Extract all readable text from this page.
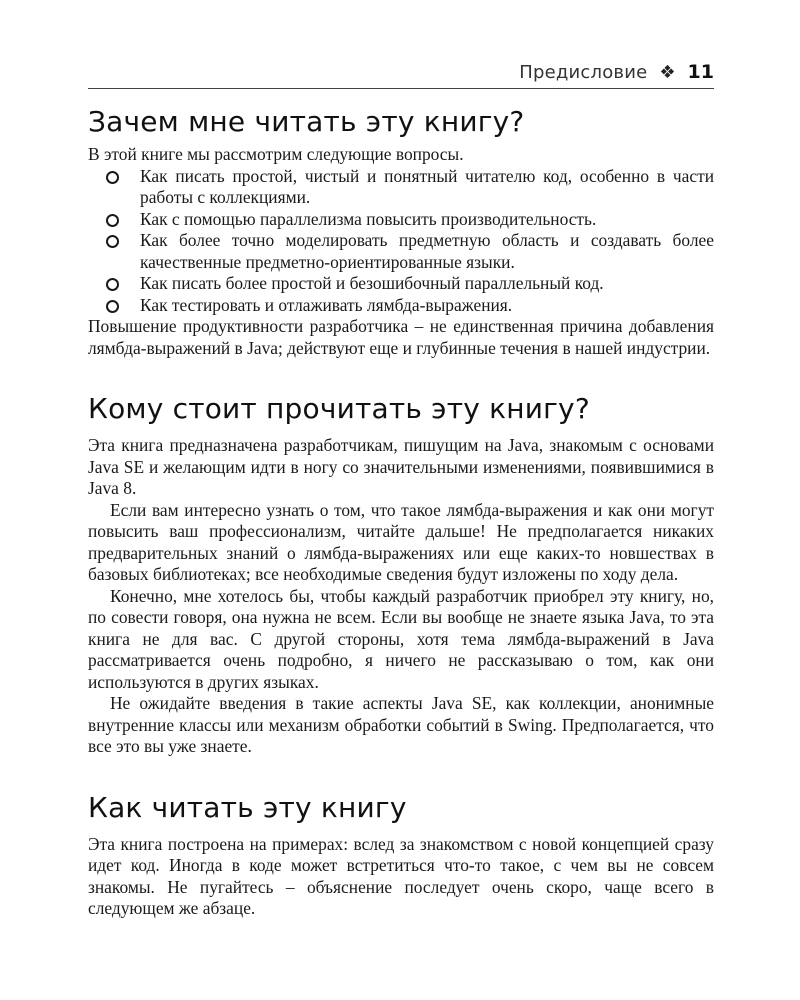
Предисловие ❖ 11
Зачем мне читать эту книгу?

В этой книге мы рассмотрим следующие вопросы.

Как писать простой, чистый и понятный читателю код, особенно в части работы с коллекциями.
Как с помощью параллелизма повысить производительность.
Как более точно моделировать предметную область и создавать более качественные предметно-ориентированные языки.
Как писать более простой и безошибочный параллельный код.
Как тестировать и отлаживать лямбда-выражения.

Повышение продуктивности разработчика – не единственная причина добавления лямбда-выражений в Java; действуют еще и глубинные течения в нашей индустрии.

Кому стоит прочитать эту книгу?

Эта книга предназначена разработчикам, пишущим на Java, знакомым с основами Java SE и желающим идти в ногу со значительными изменениями, появившимися в Java 8.

Если вам интересно узнать о том, что такое лямбда-выражения и как они могут повысить ваш профессионализм, читайте дальше! Не предполагается никаких предварительных знаний о лямбда-выражениях или еще каких-то новшествах в базовых библиотеках; все необходимые сведения будут изложены по ходу дела.

Конечно, мне хотелось бы, чтобы каждый разработчик приобрел эту книгу, но, по совести говоря, она нужна не всем. Если вы вообще не знаете языка Java, то эта книга не для вас. С другой стороны, хотя тема лямбда-выражений в Java рассматривается очень подробно, я ничего не рассказываю о том, как они используются в других языках.

Не ожидайте введения в такие аспекты Java SE, как коллекции, анонимные внутренние классы или механизм обработки событий в Swing. Предполагается, что все это вы уже знаете.

Как читать эту книгу

Эта книга построена на примерах: вслед за знакомством с новой концепцией сразу идет код. Иногда в коде может встретиться что-то такое, с чем вы не совсем знакомы. Не пугайтесь – объяснение последует очень скоро, чаще всего в следующем же абзаце.
